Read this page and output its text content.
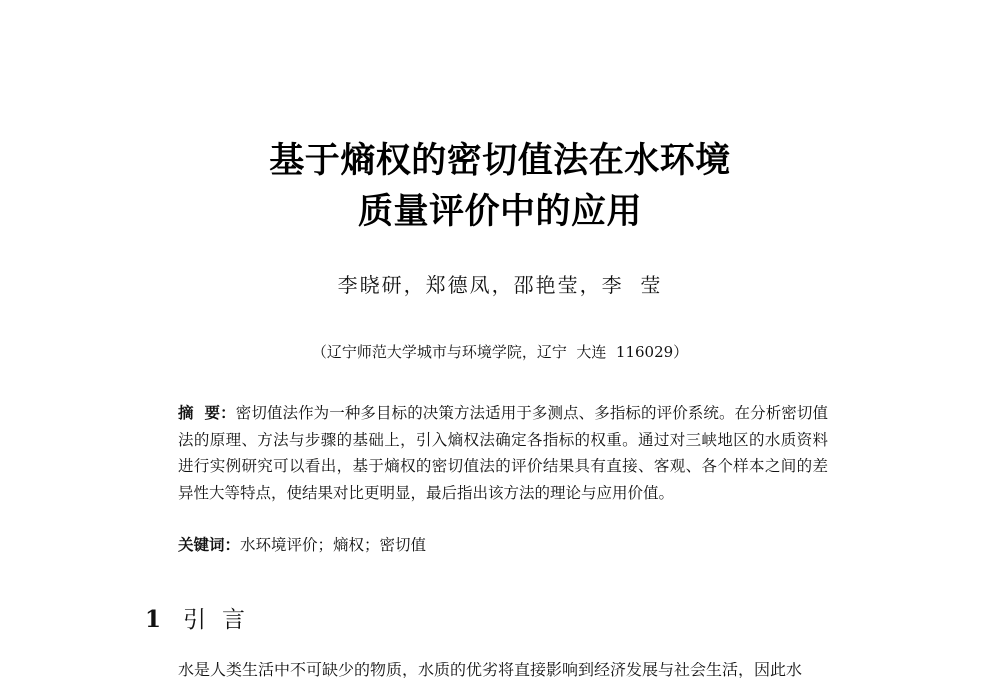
基于熵权的密切值法在水环境
质量评价中的应用
李晓研，郑德凤，邵艳莹，李  莹
（辽宁师范大学城市与环境学院，辽宁  大连  116029）
摘  要：密切值法作为一种多目标的决策方法适用于多测点、多指标的评价系统。在分析密切值法的原理、方法与步骤的基础上，引入熵权法确定各指标的权重。通过对三峡地区的水质资料进行实例研究可以看出，基于熵权的密切值法的评价结果具有直接、客观、各个样本之间的差异性大等特点，使结果对比更明显，最后指出该方法的理论与应用价值。
关键词：水环境评价；熵权；密切值
1 引言
水是人类生活中不可缺少的物质，水质的优劣将直接影响到经济发展与社会生活，因此水
